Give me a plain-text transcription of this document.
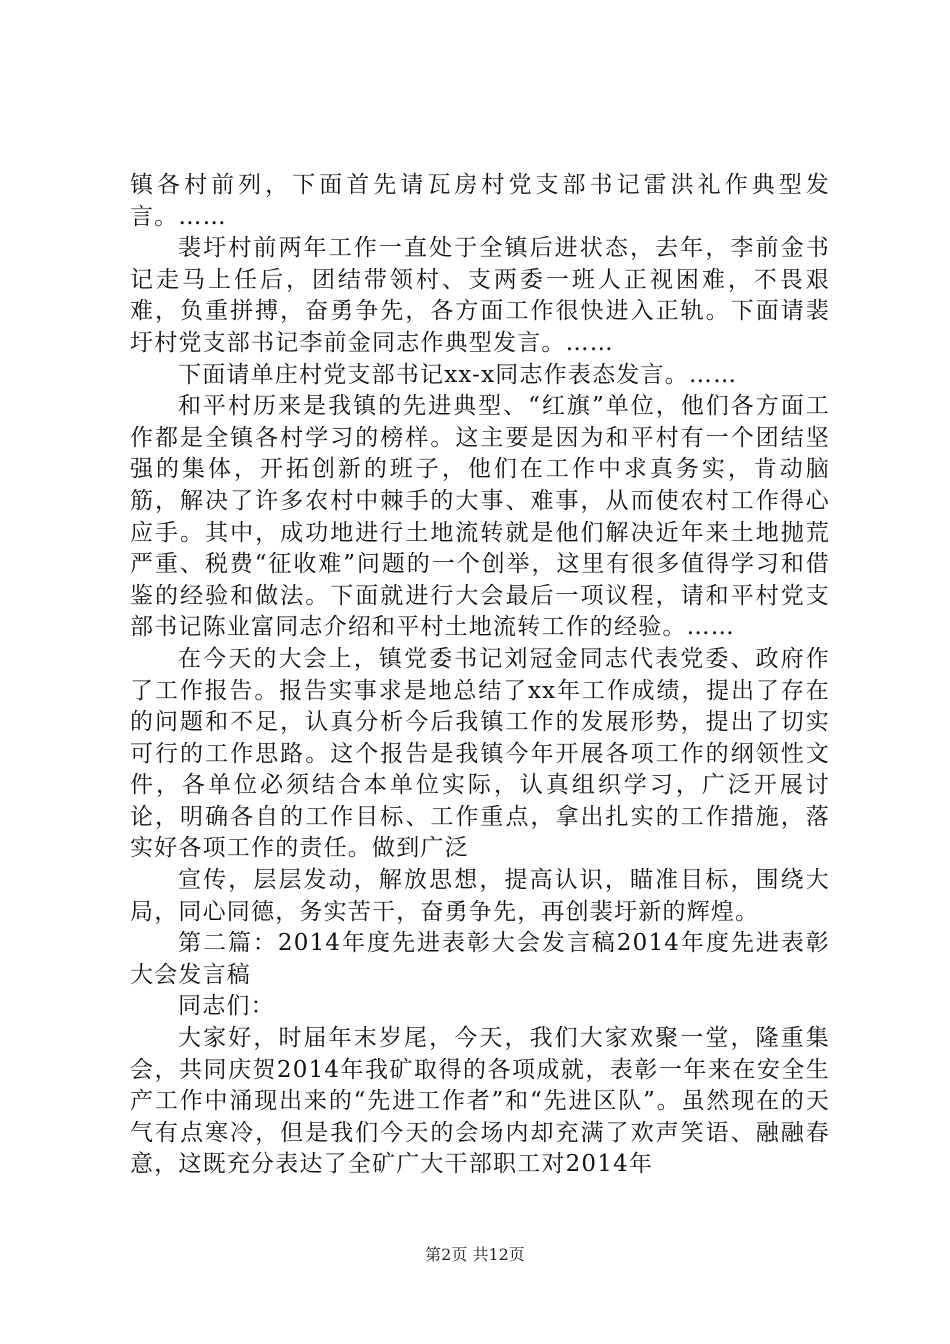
镇各村前列，下面首先请瓦房村党支部书记雷洪礼作典型发言。……

裴圩村前两年工作一直处于全镇后进状态，去年，李前金书记走马上任后，团结带领村、支两委一班人正视困难，不畏艰难，负重拼搏，奋勇争先，各方面工作很快进入正轨。下面请裴圩村党支部书记李前金同志作典型发言。……

下面请单庄村党支部书记xx-x同志作表态发言。……

和平村历来是我镇的先进典型、“红旗”单位，他们各方面工作都是全镇各村学习的榜样。这主要是因为和平村有一个团结坚强的集体，开拓创新的班子，他们在工作中求真务实，肯动脑筋，解决了许多农村中棘手的大事、难事，从而使农村工作得心应手。其中，成功地进行土地流转就是他们解决近年来土地抛荒严重、税费“征收难”问题的一个创举，这里有很多值得学习和借鉴的经验和做法。下面就进行大会最后一项议程，请和平村党支部书记陈业富同志介绍和平村土地流转工作的经验。……

在今天的大会上，镇党委书记刘冠金同志代表党委、政府作了工作报告。报告实事求是地总结了xx年工作成绩，提出了存在的问题和不足，认真分析今后我镇工作的发展形势，提出了切实可行的工作思路。这个报告是我镇今年开展各项工作的纲领性文件，各单位必须结合本单位实际，认真组织学习，广泛开展讨论，明确各自的工作目标、工作重点，拿出扎实的工作措施，落实好各项工作的责任。做到广泛

宣传，层层发动，解放思想，提高认识，瞄准目标，围绕大局，同心同德，务实苦干，奋勇争先，再创裴圩新的辉煌。

第二篇：2014年度先进表彰大会发言稿2014年度先进表彰大会发言稿

同志们：

大家好，时届年末岁尾，今天，我们大家欢聚一堂，隆重集会，共同庆贺2014年我矿取得的各项成就，表彰一年来在安全生产工作中涌现出来的“先进工作者”和“先进区队”。虽然现在的天气有点寒冷，但是我们今天的会场内却充满了欢声笑语、融融春意，这既充分表达了全矿广大干部职工对2014年

第2页 共12页
